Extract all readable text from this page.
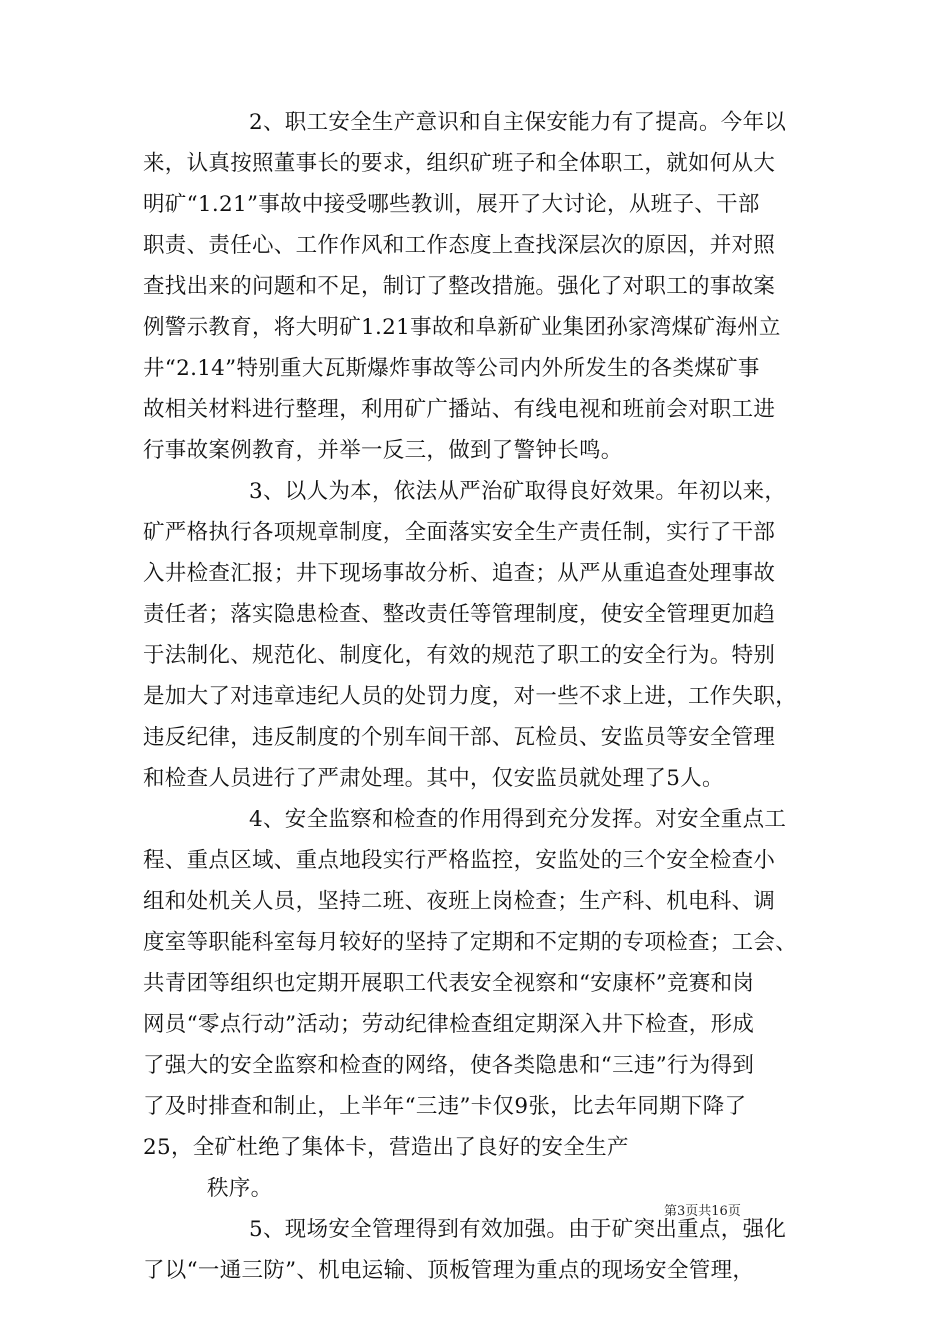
2、职工安全生产意识和自主保安能力有了提高。今年以
来，认真按照董事长的要求，组织矿班子和全体职工，就如何从大
明矿“1.21”事故中接受哪些教训，展开了大讨论，从班子、干部
职责、责任心、工作作风和工作态度上查找深层次的原因，并对照
查找出来的问题和不足，制订了整改措施。强化了对职工的事故案
例警示教育，将大明矿1.21事故和阜新矿业集团孙家湾煤矿海州立
井“2.14”特别重大瓦斯爆炸事故等公司内外所发生的各类煤矿事
故相关材料进行整理，利用矿广播站、有线电视和班前会对职工进
行事故案例教育，并举一反三，做到了警钟长鸣。
3、以人为本，依法从严治矿取得良好效果。年初以来，
矿严格执行各项规章制度，全面落实安全生产责任制，实行了干部
入井检查汇报；井下现场事故分析、追查；从严从重追查处理事故
责任者；落实隐患检查、整改责任等管理制度，使安全管理更加趋
于法制化、规范化、制度化，有效的规范了职工的安全行为。特别
是加大了对违章违纪人员的处罚力度，对一些不求上进，工作失职，
违反纪律，违反制度的个别车间干部、瓦检员、安监员等安全管理
和检查人员进行了严肃处理。其中，仅安监员就处理了5人。
4、安全监察和检查的作用得到充分发挥。对安全重点工
程、重点区域、重点地段实行严格监控，安监处的三个安全检查小
组和处机关人员，坚持二班、夜班上岗检查；生产科、机电科、调
度室等职能科室每月较好的坚持了定期和不定期的专项检查；工会、
共青团等组织也定期开展职工代表安全视察和“安康杯”竞赛和岗
网员“零点行动”活动；劳动纪律检查组定期深入井下检查，形成
了强大的安全监察和检查的网络，使各类隐患和“三违”行为得到
了及时排查和制止，上半年“三违”卡仅9张，比去年同期下降了
25，全矿杜绝了集体卡，营造出了良好的安全生产
秩序。
5、现场安全管理得到有效加强。由于矿突出重点，强化
了以“一通三防”、机电运输、顶板管理为重点的现场安全管理，
第3页共16页
